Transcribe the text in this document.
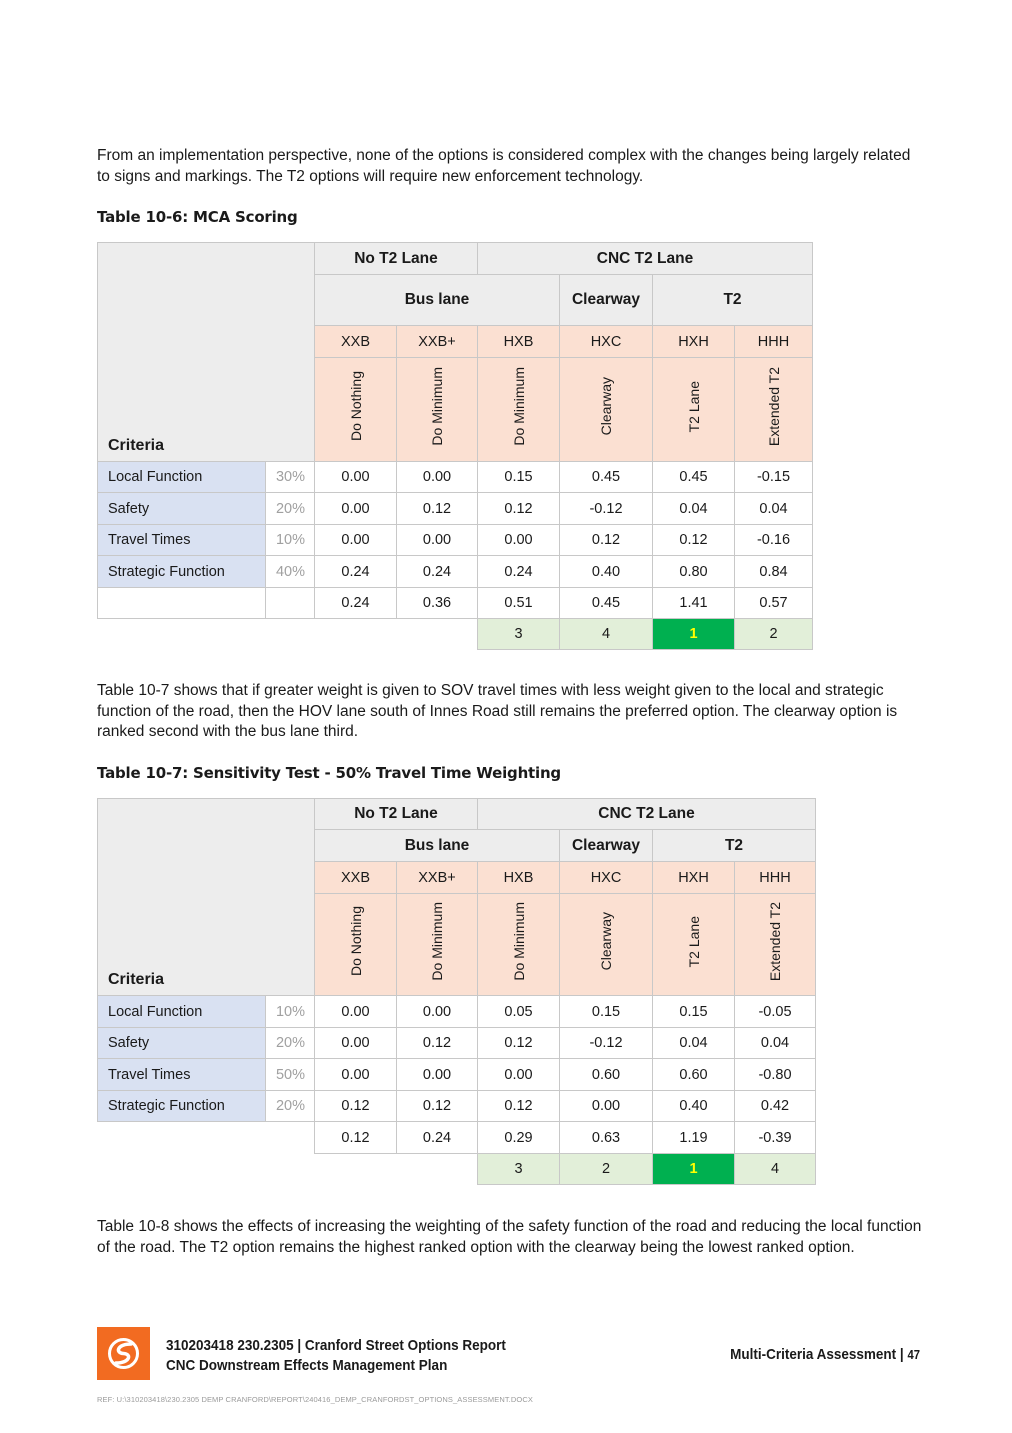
From an implementation perspective, none of the options is considered complex with the changes being largely related to signs and markings. The T2 options will require new enforcement technology.
Table 10-6: MCA Scoring
Criteria		No T2 Lane		CNC T2 Lane			
		Bus lane			Clearway	T2	
		XXB	XXB+	HXB	HXC	HXH	HHH
		Do Nothing	Do Minimum	Do Minimum	Clearway	T2 Lane	Extended T2
Local Function	30%	0.00	0.00	0.15	0.45	0.45	-0.15
Safety	20%	0.00	0.12	0.12	-0.12	0.04	0.04
Travel Times	10%	0.00	0.00	0.00	0.12	0.12	-0.16
Strategic Function	40%	0.24	0.24	0.24	0.40	0.80	0.84
		0.24	0.36	0.51	0.45	1.41	0.57
				3	4	1	2
Table 10-7 shows that if greater weight is given to SOV travel times with less weight given to the local and strategic function of the road, then the HOV lane south of Innes Road still remains the preferred option. The clearway option is ranked second with the bus lane third.
Table 10-7: Sensitivity Test - 50% Travel Time Weighting
Criteria		No T2 Lane		CNC T2 Lane			
		Bus lane			Clearway	T2	
		XXB	XXB+	HXB	HXC	HXH	HHH
		Do Nothing	Do Minimum	Do Minimum	Clearway	T2 Lane	Extended T2
Local Function	10%	0.00	0.00	0.05	0.15	0.15	-0.05
Safety	20%	0.00	0.12	0.12	-0.12	0.04	0.04
Travel Times	50%	0.00	0.00	0.00	0.60	0.60	-0.80
Strategic Function	20%	0.12	0.12	0.12	0.00	0.40	0.42
		0.12	0.24	0.29	0.63	1.19	-0.39
				3	2	1	4
Table 10-8 shows the effects of increasing the weighting of the safety function of the road and reducing the local function of the road. The T2 option remains the highest ranked option with the clearway being the lowest ranked option.
310203418 230.2305 | Cranford Street Options Report
CNC Downstream Effects Management Plan
Multi-Criteria Assessment | 47
REF: U:\310203418\230.2305 DEMP CRANFORD\REPORT\240416_DEMP_CRANFORDST_OPTIONS_ASSESSMENT.DOCX
